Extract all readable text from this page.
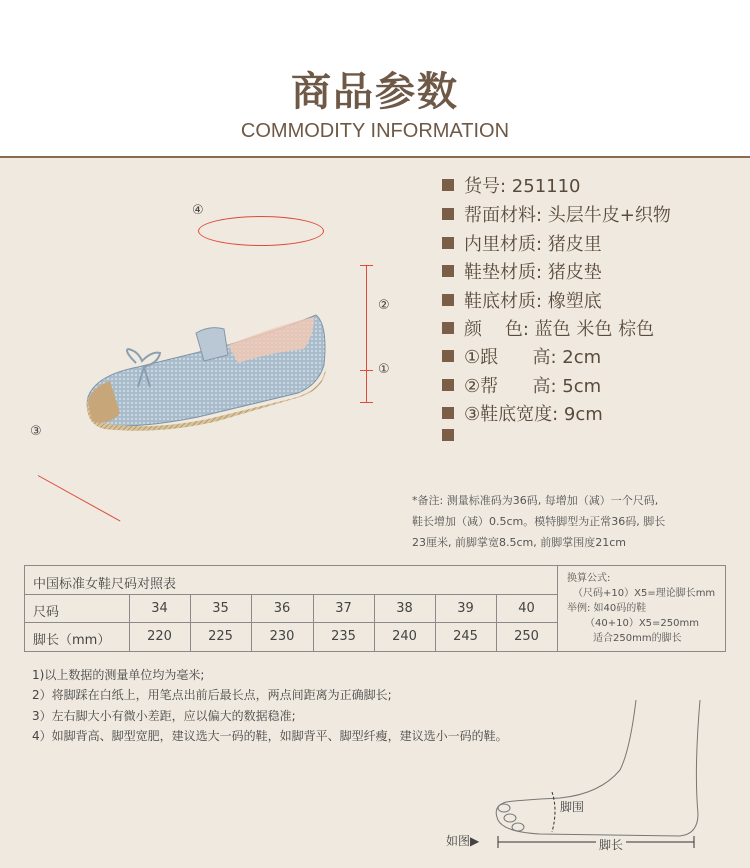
商品参数
COMMODITY INFORMATION
④
②
①
③
货号: 251110
帮面材料: 头层牛皮+织物
内里材质: 猪皮里
鞋垫材质: 猪皮垫
鞋底材质: 橡塑底
颜    色: 蓝色 米色 棕色
①跟      高: 2cm
②帮      高: 5cm
③鞋底宽度: 9cm
*备注: 测量标准码为36码, 每增加（减）一个尺码,
鞋长增加（减）0.5cm。模特脚型为正常36码, 脚长
23厘米, 前脚掌宽8.5cm, 前脚掌围度21cm
中国标准女鞋尺码对照表
尺码	34	35	36	37	38	39	40
脚长（mm）	220	225	230	235	240	245	250
换算公式:
（尺码+10）X5=理论脚长mm
举例: 如40码的鞋
（40+10）X5=250mm
适合250mm的脚长
1)以上数据的测量单位均为毫米;
2）将脚踩在白纸上，用笔点出前后最长点，两点间距离为正确脚长;
3）左右脚大小有微小差距，应以偏大的数据稳准;
4）如脚背高、脚型宽肥，建议选大一码的鞋，如脚背平、脚型纤瘦，建议选小一码的鞋。
脚围
脚长
如图▶
